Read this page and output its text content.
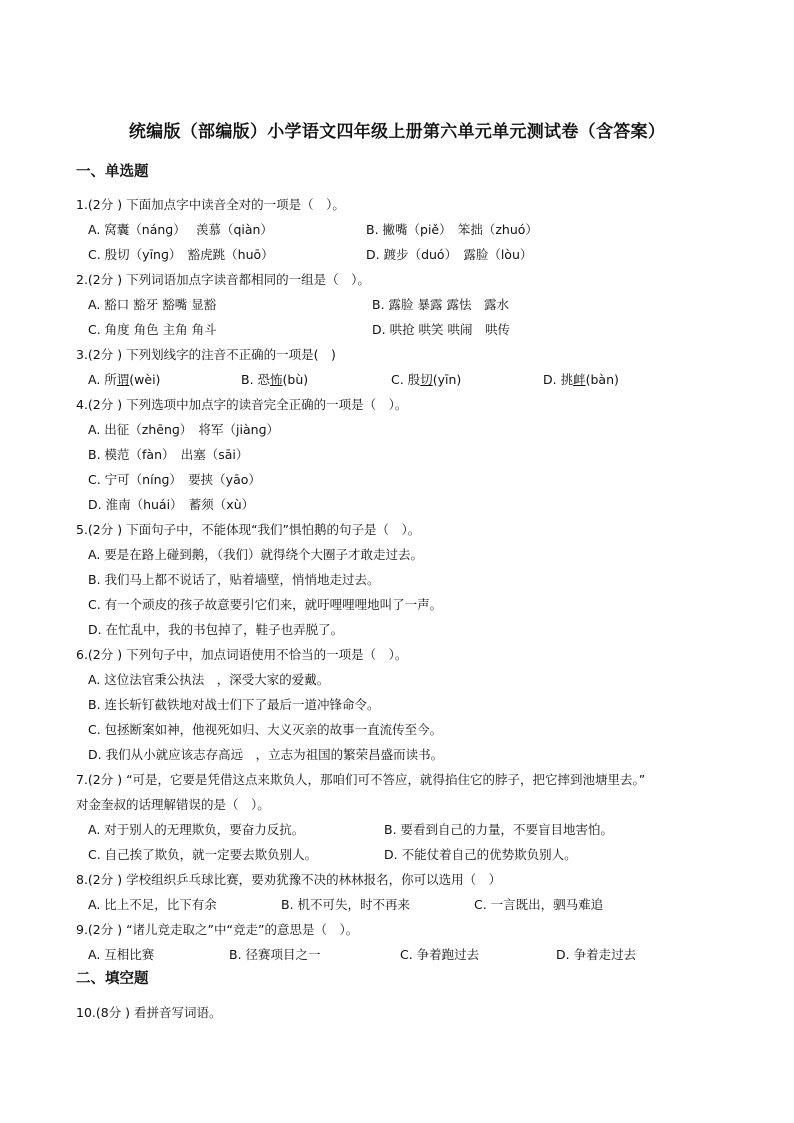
统编版（部编版）小学语文四年级上册第六单元单元测试卷（含答案）
一、单选题
1.(2分 ) 下面加点字中读音全对的一项是（　）。
A. 窝囊（nánɡ）　 羡慕（qiàn）	B. 撇嘴（piě）　笨拙（zhuó）
C. 殷切（yīnɡ）　豁虎跳（huō）	D. 踱步（duó）　露脸（lòu）
2.(2分 ) 下列词语加点字读音都相同的一组是（　）。
A. 豁口 豁牙 豁嘴 显豁	B. 露脸 暴露 露怯　露水
C. 角度 角色 主角 角斗	D. 哄抢 哄笑 哄闹　哄传
3.(2分 ) 下列划线字的注音不正确的一项是(　)
A. 所谓(wèi)	B. 恐怖(bù)	C. 殷切(yīn)	D. 挑衅(bàn)
4.(2分 ) 下列选项中加点字的读音完全正确的一项是（　）。
A. 出征（zhēnɡ）　将军（jiànɡ）
B. 模范（fàn）　出塞（sāi）
C. 宁可（nínɡ）　要挟（yāo）
D. 淮南（huái）　蓄须（xù）
5.(2分 ) 下面句子中，不能体现“我们”惧怕鹅的句子是（　）。
A. 要是在路上碰到鹅，（我们）就得绕个大圈子才敢走过去。
B. 我们马上都不说话了，贴着墙壁，悄悄地走过去。
C. 有一个顽皮的孩子故意要引它们来，就吁哩哩哩地叫了一声。
D. 在忙乱中，我的书包掉了，鞋子也弄脱了。
6.(2分 ) 下列句子中，加点词语使用不恰当的一项是（　）。
A. 这位法官秉公执法　，深受大家的爱戴。
B. 连长斩钉截铁地对战士们下了最后一道冲锋命令。
C. 包拯断案如神，他视死如归、大义灭亲的故事一直流传至今。
D. 我们从小就应该志存高远　，立志为祖国的繁荣昌盛而读书。
7.(2分 ) “可是，它要是凭借这点来欺负人，那咱们可不答应，就得掐住它的脖子，把它摔到池塘里去。”
对金奎叔的话理解错误的是（　）。
A. 对于别人的无理欺负，要奋力反抗。	B. 要看到自己的力量，不要盲目地害怕。
C. 自己挨了欺负，就一定要去欺负别人。	D. 不能仗着自己的优势欺负别人。
8.(2分 ) 学校组织乒乓球比赛，要劝犹豫不决的林林报名，你可以选用（　）
A. 比上不足，比下有余	B. 机不可失，时不再来	C. 一言既出，驷马难追
9.(2分 ) “诸儿竞走取之”中“竞走”的意思是（　）。
A. 互相比赛	B. 径赛项目之一	C. 争着跑过去	D. 争着走过去
二、填空题
10.(8分 ) 看拼音写词语。
